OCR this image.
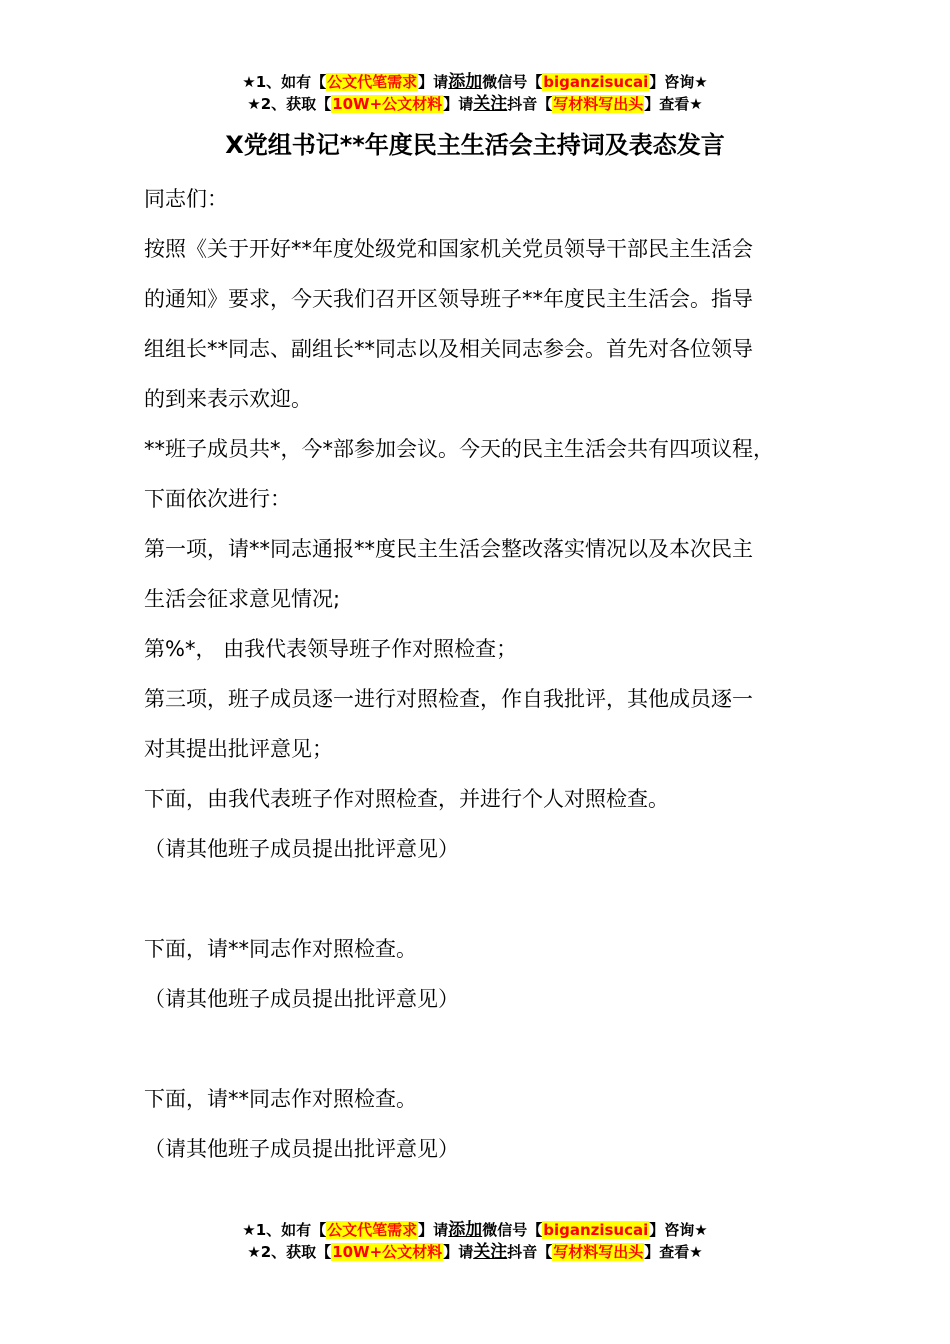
★1、如有【公文代笔需求】请添加微信号【biganzisucai】咨询★
★2、获取【10W+公文材料】请关注抖音【写材料写出头】查看★
X党组书记**年度民主生活会主持词及表态发言

同志们：

按照《关于开好**年度处级党和国家机关党员领导干部民主生活会

的通知》要求，今天我们召开区领导班子**年度民主生活会。指导

组组长**同志、副组长**同志以及相关同志参会。首先对各位领导

的到来表示欢迎。

**班子成员共*，今*部参加会议。今天的民主生活会共有四项议程，

下面依次进行：

第一项，请**同志通报**度民主生活会整改落实情况以及本次民主

生活会征求意见情况;

第%*， 由我代表领导班子作对照检查；

第三项，班子成员逐一进行对照检查，作自我批评，其他成员逐一

对其提出批评意见；

下面，由我代表班子作对照检查，并进行个人对照检查。

（请其他班子成员提出批评意见）

下面，请**同志作对照检查。

（请其他班子成员提出批评意见）

下面，请**同志作对照检查。

（请其他班子成员提出批评意见）

★1、如有【公文代笔需求】请添加微信号【biganzisucai】咨询★
★2、获取【10W+公文材料】请关注抖音【写材料写出头】查看★
